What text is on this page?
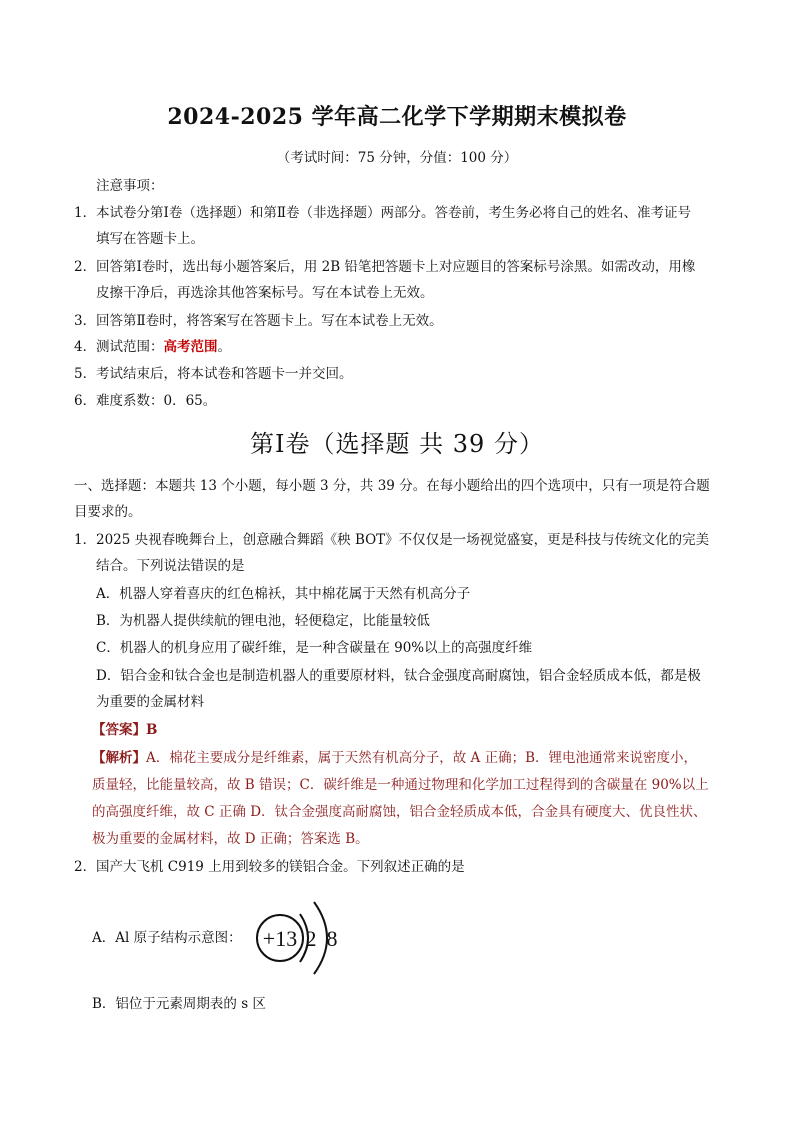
2024-2025 学年高二化学下学期期末模拟卷
（考试时间：75 分钟，分值：100 分）
注意事项：
1． 本试卷分第Ⅰ卷（选择题）和第Ⅱ卷（非选择题）两部分。答卷前，考生务必将自己的姓名、准考证号
填写在答题卡上。
2． 回答第Ⅰ卷时，选出每小题答案后，用 2B 铅笔把答题卡上对应题目的答案标号涂黑。如需改动，用橡
皮擦干净后，再选涂其他答案标号。写在本试卷上无效。
3． 回答第Ⅱ卷时，将答案写在答题卡上。写在本试卷上无效。
4． 测试范围：高考范围。
5． 考试结束后，将本试卷和答题卡一并交回。
6． 难度系数：0．65。
第Ⅰ卷（选择题 共 39 分）
一、选择题：本题共 13 个小题，每小题 3 分，共 39 分。在每小题给出的四个选项中，只有一项是符合题
目要求的。
1． 2025 央视春晚舞台上，创意融合舞蹈《秧 BOT》不仅仅是一场视觉盛宴，更是科技与传统文化的完美
结合。下列说法错误的是
A．机器人穿着喜庆的红色棉袄，其中棉花属于天然有机高分子
B．为机器人提供续航的锂电池，轻便稳定，比能量较低
C．机器人的机身应用了碳纤维，是一种含碳量在 90%以上的高强度纤维
D．铝合金和钛合金也是制造机器人的重要原材料，钛合金强度高耐腐蚀，铝合金轻质成本低，都是极
为重要的金属材料
【答案】B
【解析】A．棉花主要成分是纤维素，属于天然有机高分子，故 A 正确；B．锂电池通常来说密度小，
质量轻，比能量较高，故 B 错误；C．碳纤维是一种通过物理和化学加工过程得到的含碳量在 90%以上
的高强度纤维，故 C 正确 D．钛合金强度高耐腐蚀，铝合金轻质成本低，合金具有硬度大、优良性状、
极为重要的金属材料，故 D 正确；答案选 B。
2． 国产大飞机 C919 上用到较多的镁铝合金。下列叙述正确的是
A．Al 原子结构示意图： +13 2 8
B．铝位于元素周期表的 s 区
